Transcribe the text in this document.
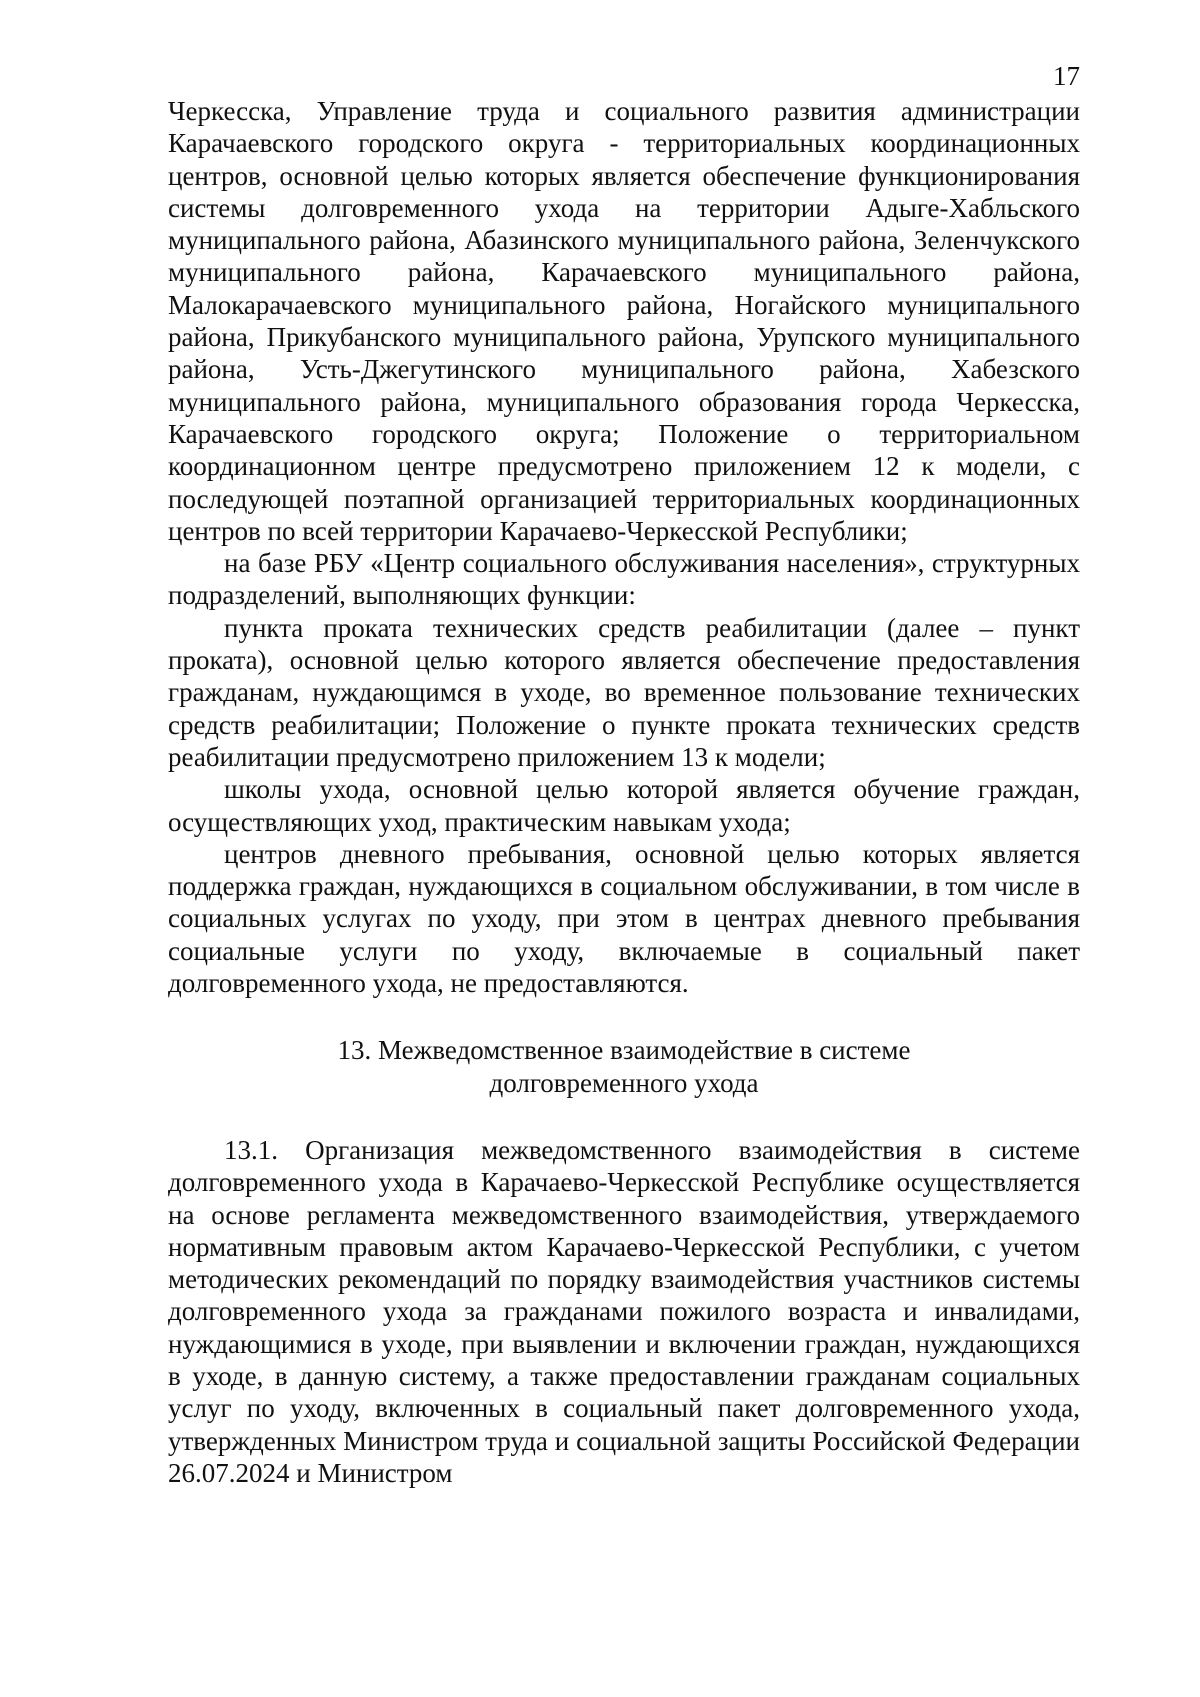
17

Черкесска, Управление труда и социального развития администрации Карачаевского городского округа - территориальных координационных центров, основной целью которых является обеспечение функционирования системы долговременного ухода на территории Адыге-Хабльского муниципального района, Абазинского муниципального района, Зеленчукского муниципального района, Карачаевского муниципального района, Малокарачаевского муниципального района, Ногайского муниципального района, Прикубанского муниципального района, Урупского муниципального района, Усть-Джегутинского муниципального района, Хабезского муниципального района, муниципального образования города Черкесска, Карачаевского городского округа; Положение о территориальном координационном центре предусмотрено приложением 12 к модели, с последующей поэтапной организацией территориальных координационных центров по всей территории Карачаево-Черкесской Республики;

на базе РБУ «Центр социального обслуживания населения», структурных подразделений, выполняющих функции:

пункта проката технических средств реабилитации (далее – пункт проката), основной целью которого является обеспечение предоставления гражданам, нуждающимся в уходе, во временное пользование технических средств реабилитации; Положение о пункте проката технических средств реабилитации предусмотрено приложением 13 к модели;

школы ухода, основной целью которой является обучение граждан, осуществляющих уход, практическим навыкам ухода;

центров дневного пребывания, основной целью которых является поддержка граждан, нуждающихся в социальном обслуживании, в том числе в социальных услугах по уходу, при этом в центрах дневного пребывания социальные услуги по уходу, включаемые в социальный пакет долговременного ухода, не предоставляются.

13. Межведомственное взаимодействие в системе
долговременного ухода

13.1. Организация межведомственного взаимодействия в системе долговременного ухода в Карачаево-Черкесской Республике осуществляется на основе регламента межведомственного взаимодействия, утверждаемого нормативным правовым актом Карачаево-Черкесской Республики, с учетом методических рекомендаций по порядку взаимодействия участников системы долговременного ухода за гражданами пожилого возраста и инвалидами, нуждающимися в уходе, при выявлении и включении граждан, нуждающихся в уходе, в данную систему, а также предоставлении гражданам социальных услуг по уходу, включенных в социальный пакет долговременного ухода, утвержденных Министром труда и социальной защиты Российской Федерации 26.07.2024 и Министром
